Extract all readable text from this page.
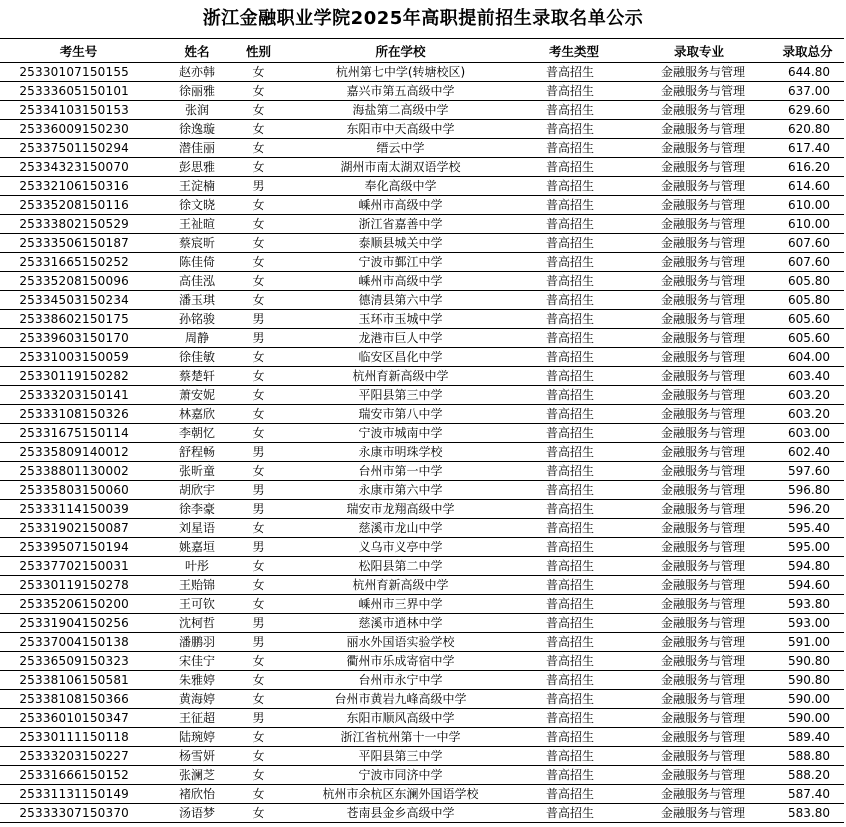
浙江金融职业学院2025年高职提前招生录取名单公示
考生号	姓名	性别	所在学校	考生类型	录取专业	录取总分
25330107150155	赵亦韩	女	杭州第七中学(转塘校区)	普高招生	金融服务与管理	644.80
25333605150101	徐丽雅	女	嘉兴市第五高级中学	普高招生	金融服务与管理	637.00
25334103150153	张润	女	海盐第二高级中学	普高招生	金融服务与管理	629.60
25336009150230	徐逸璇	女	东阳市中天高级中学	普高招生	金融服务与管理	620.80
25337501150294	潜佳丽	女	缙云中学	普高招生	金融服务与管理	617.40
25334323150070	彭思雅	女	湖州市南太湖双语学校	普高招生	金融服务与管理	616.20
25332106150316	王淀楠	男	奉化高级中学	普高招生	金融服务与管理	614.60
25335208150116	徐文晓	女	嵊州市高级中学	普高招生	金融服务与管理	610.00
25333802150529	王祉暄	女	浙江省嘉善中学	普高招生	金融服务与管理	610.00
25333506150187	蔡宸昕	女	泰顺县城关中学	普高招生	金融服务与管理	607.60
25331665150252	陈佳倚	女	宁波市鄞江中学	普高招生	金融服务与管理	607.60
25335208150096	高佳泓	女	嵊州市高级中学	普高招生	金融服务与管理	605.80
25334503150234	潘玉琪	女	德清县第六中学	普高招生	金融服务与管理	605.80
25338602150175	孙铭骏	男	玉环市玉城中学	普高招生	金融服务与管理	605.60
25339603150170	周静	男	龙港市巨人中学	普高招生	金融服务与管理	605.60
25331003150059	徐佳敏	女	临安区昌化中学	普高招生	金融服务与管理	604.00
25330119150282	蔡楚轩	女	杭州育新高级中学	普高招生	金融服务与管理	603.40
25333203150141	萧安妮	女	平阳县第三中学	普高招生	金融服务与管理	603.20
25333108150326	林嘉欣	女	瑞安市第八中学	普高招生	金融服务与管理	603.20
25331675150114	李朝忆	女	宁波市城南中学	普高招生	金融服务与管理	603.00
25335809140012	舒程畅	男	永康市明珠学校	普高招生	金融服务与管理	602.40
25338801130002	张昕童	女	台州市第一中学	普高招生	金融服务与管理	597.60
25335803150060	胡欣宇	男	永康市第六中学	普高招生	金融服务与管理	596.80
25333114150039	徐李豪	男	瑞安市龙翔高级中学	普高招生	金融服务与管理	596.20
25331902150087	刘星语	女	慈溪市龙山中学	普高招生	金融服务与管理	595.40
25339507150194	姚嘉垣	男	义乌市义亭中学	普高招生	金融服务与管理	595.00
25337702150031	叶彤	女	松阳县第二中学	普高招生	金融服务与管理	594.80
25330119150278	王贻锦	女	杭州育新高级中学	普高招生	金融服务与管理	594.60
25335206150200	王可钦	女	嵊州市三界中学	普高招生	金融服务与管理	593.80
25331904150256	沈柯哲	男	慈溪市逍林中学	普高招生	金融服务与管理	593.00
25337004150138	潘鹏羽	男	丽水外国语实验学校	普高招生	金融服务与管理	591.00
25336509150323	宋佳宁	女	衢州市乐成寄宿中学	普高招生	金融服务与管理	590.80
25338106150581	朱雅婷	女	台州市永宁中学	普高招生	金融服务与管理	590.80
25338108150366	黄海婷	女	台州市黄岩九峰高级中学	普高招生	金融服务与管理	590.00
25336010150347	王征超	男	东阳市顺风高级中学	普高招生	金融服务与管理	590.00
25330111150118	陆琬婷	女	浙江省杭州第十一中学	普高招生	金融服务与管理	589.40
25333203150227	杨雪妍	女	平阳县第三中学	普高招生	金融服务与管理	588.80
25331666150152	张澜芝	女	宁波市同济中学	普高招生	金融服务与管理	588.20
25331131150149	褚欣怡	女	杭州市余杭区东澜外国语学校	普高招生	金融服务与管理	587.40
25333307150370	汤语梦	女	苍南县金乡高级中学	普高招生	金融服务与管理	583.80
